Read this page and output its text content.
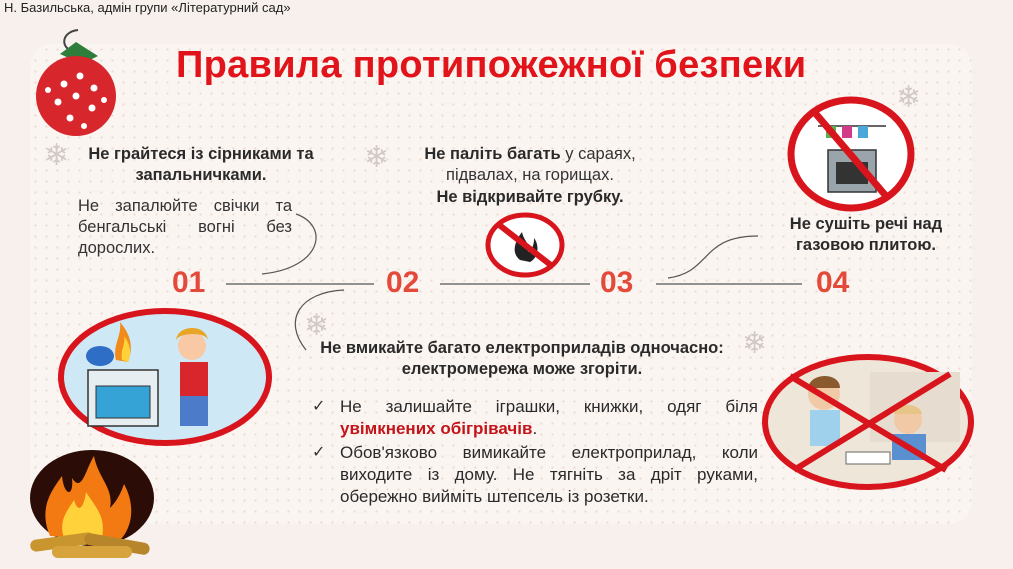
Н. Базильська, адмін групи «Літературний сад»
Правила протипожежної безпеки
❄	❄
❄
❄
❄
Не грайтеся із сірниками та запальничками.
Не запалюйте свічки та бенгальські вогні без дорослих.
Не паліть багать у сараях, підвалах, на горищах.
Не відкривайте грубку.
Не сушіть речі над газовою плитою.
01	02	03	04
Не вмикайте багато електроприладів одночасно: електромережа може згоріти.
✓ Не залишайте іграшки, книжки, одяг біля увімкнених обігрівачів.
✓ Обов'язково вимикайте електроприлад, коли виходите із дому. Не тягніть за дріт руками, обережно вийміть штепсель із розетки.
